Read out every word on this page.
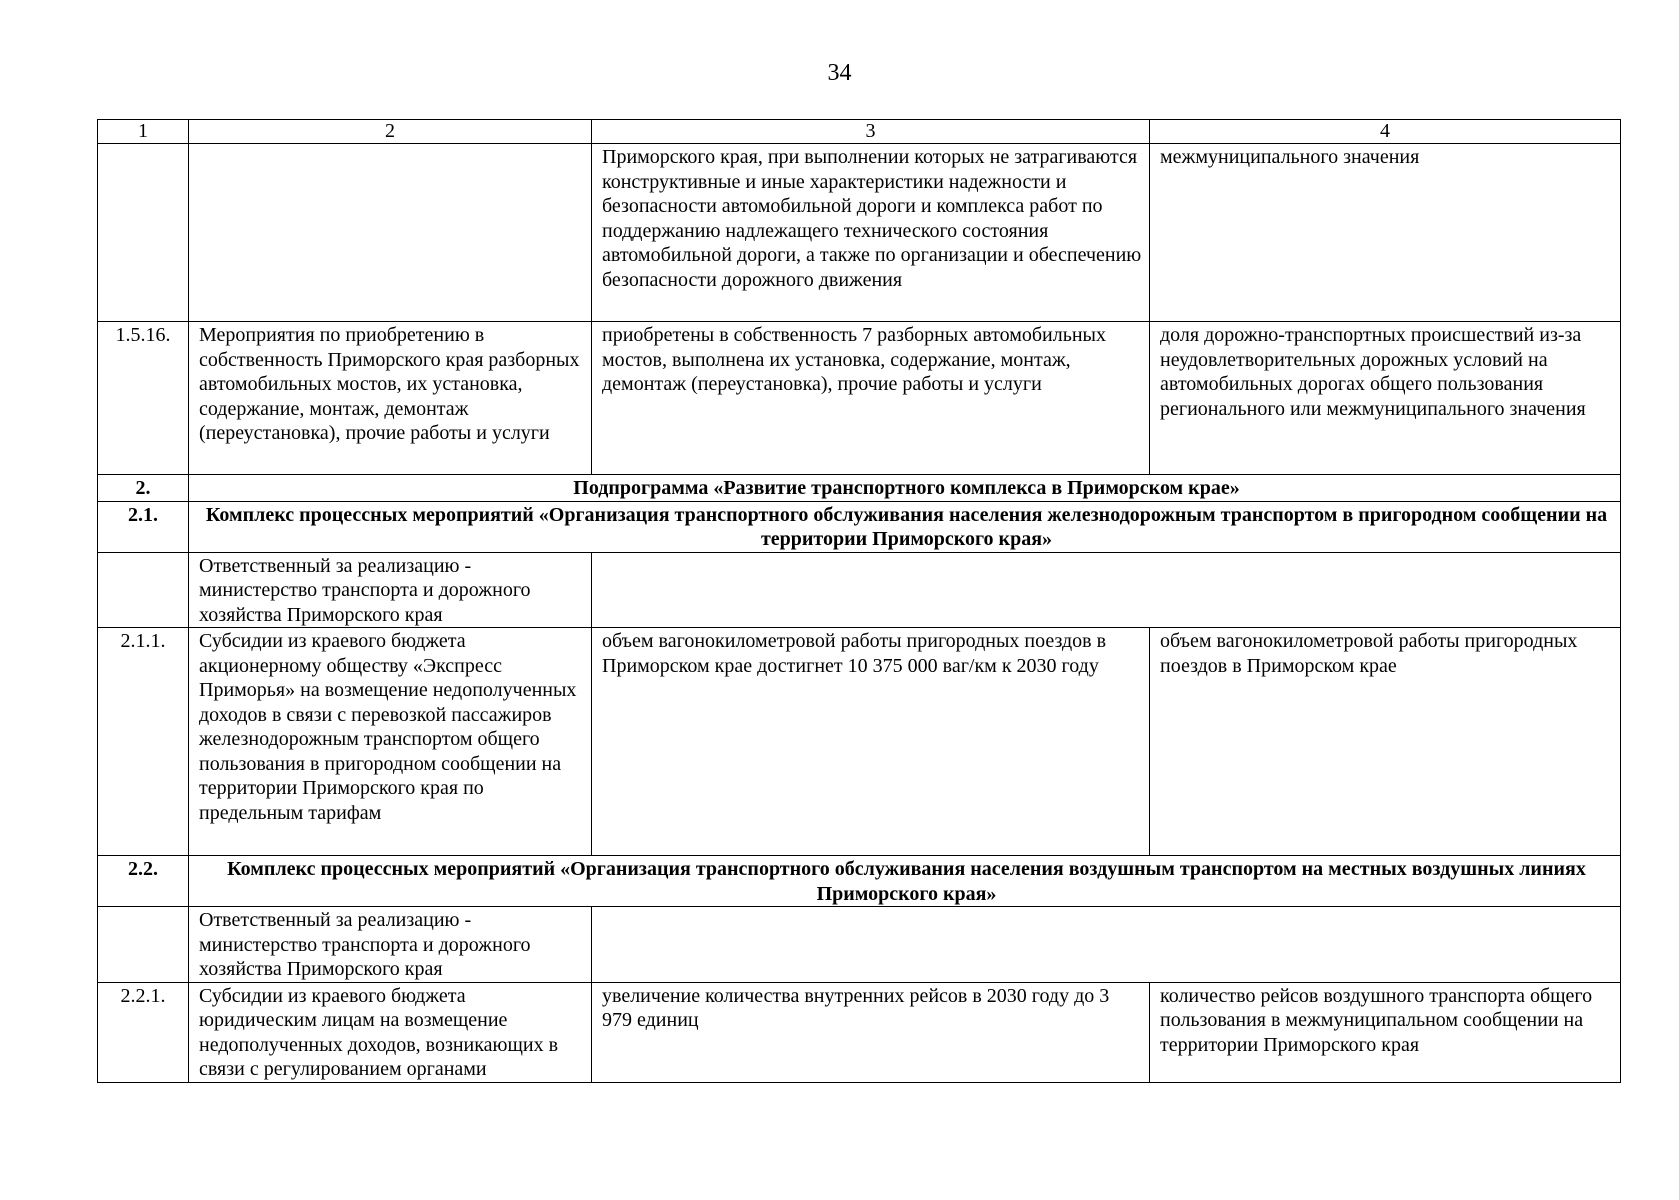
34
1	2	3	4
		Приморского края, при выполнении которых не затрагиваются конструктивные и иные характеристики надежности и безопасности автомобильной дороги и комплекса работ по поддержанию надлежащего технического состояния автомобильной дороги, а также по организации и обеспечению безопасности дорожного движения	межмуниципального значения
1.5.16.	Мероприятия по приобретению в собственность Приморского края разборных автомобильных мостов, их установка, содержание, монтаж, демонтаж (переустановка), прочие работы и услуги	приобретены в собственность 7 разборных автомобильных мостов, выполнена их установка, содержание, монтаж, демонтаж (переустановка), прочие работы и услуги	доля дорожно-транспортных происшествий из-за неудовлетворительных дорожных условий на автомобильных дорогах общего пользования регионального или межмуниципального значения
2.	Подпрограмма «Развитие транспортного комплекса в Приморском крае»		
2.1.	Комплекс процессных мероприятий «Организация транспортного обслуживания населения железнодорожным транспортом в пригородном сообщении на территории Приморского края»		
	Ответственный за реализацию - министерство транспорта и дорожного хозяйства Приморского края		
2.1.1.	Субсидии из краевого бюджета акционерному обществу «Экспресс Приморья» на возмещение недополученных доходов в связи с перевозкой пассажиров железнодорожным транспортом общего пользования в пригородном сообщении на территории Приморского края по предельным тарифам	объем вагонокилометровой работы пригородных поездов в Приморском крае достигнет 10 375 000 ваг/км к 2030 году	объем вагонокилометровой работы пригородных поездов в Приморском крае
2.2.	Комплекс процессных мероприятий «Организация транспортного обслуживания населения воздушным транспортом на местных воздушных линиях Приморского края»		
	Ответственный за реализацию - министерство транспорта и дорожного хозяйства Приморского края		
2.2.1.	Субсидии из краевого бюджета юридическим лицам на возмещение недополученных доходов, возникающих в связи с регулированием органами	увеличение количества внутренних рейсов в 2030 году до 3 979 единиц	количество рейсов воздушного транспорта общего пользования в межмуниципальном сообщении на территории Приморского края
